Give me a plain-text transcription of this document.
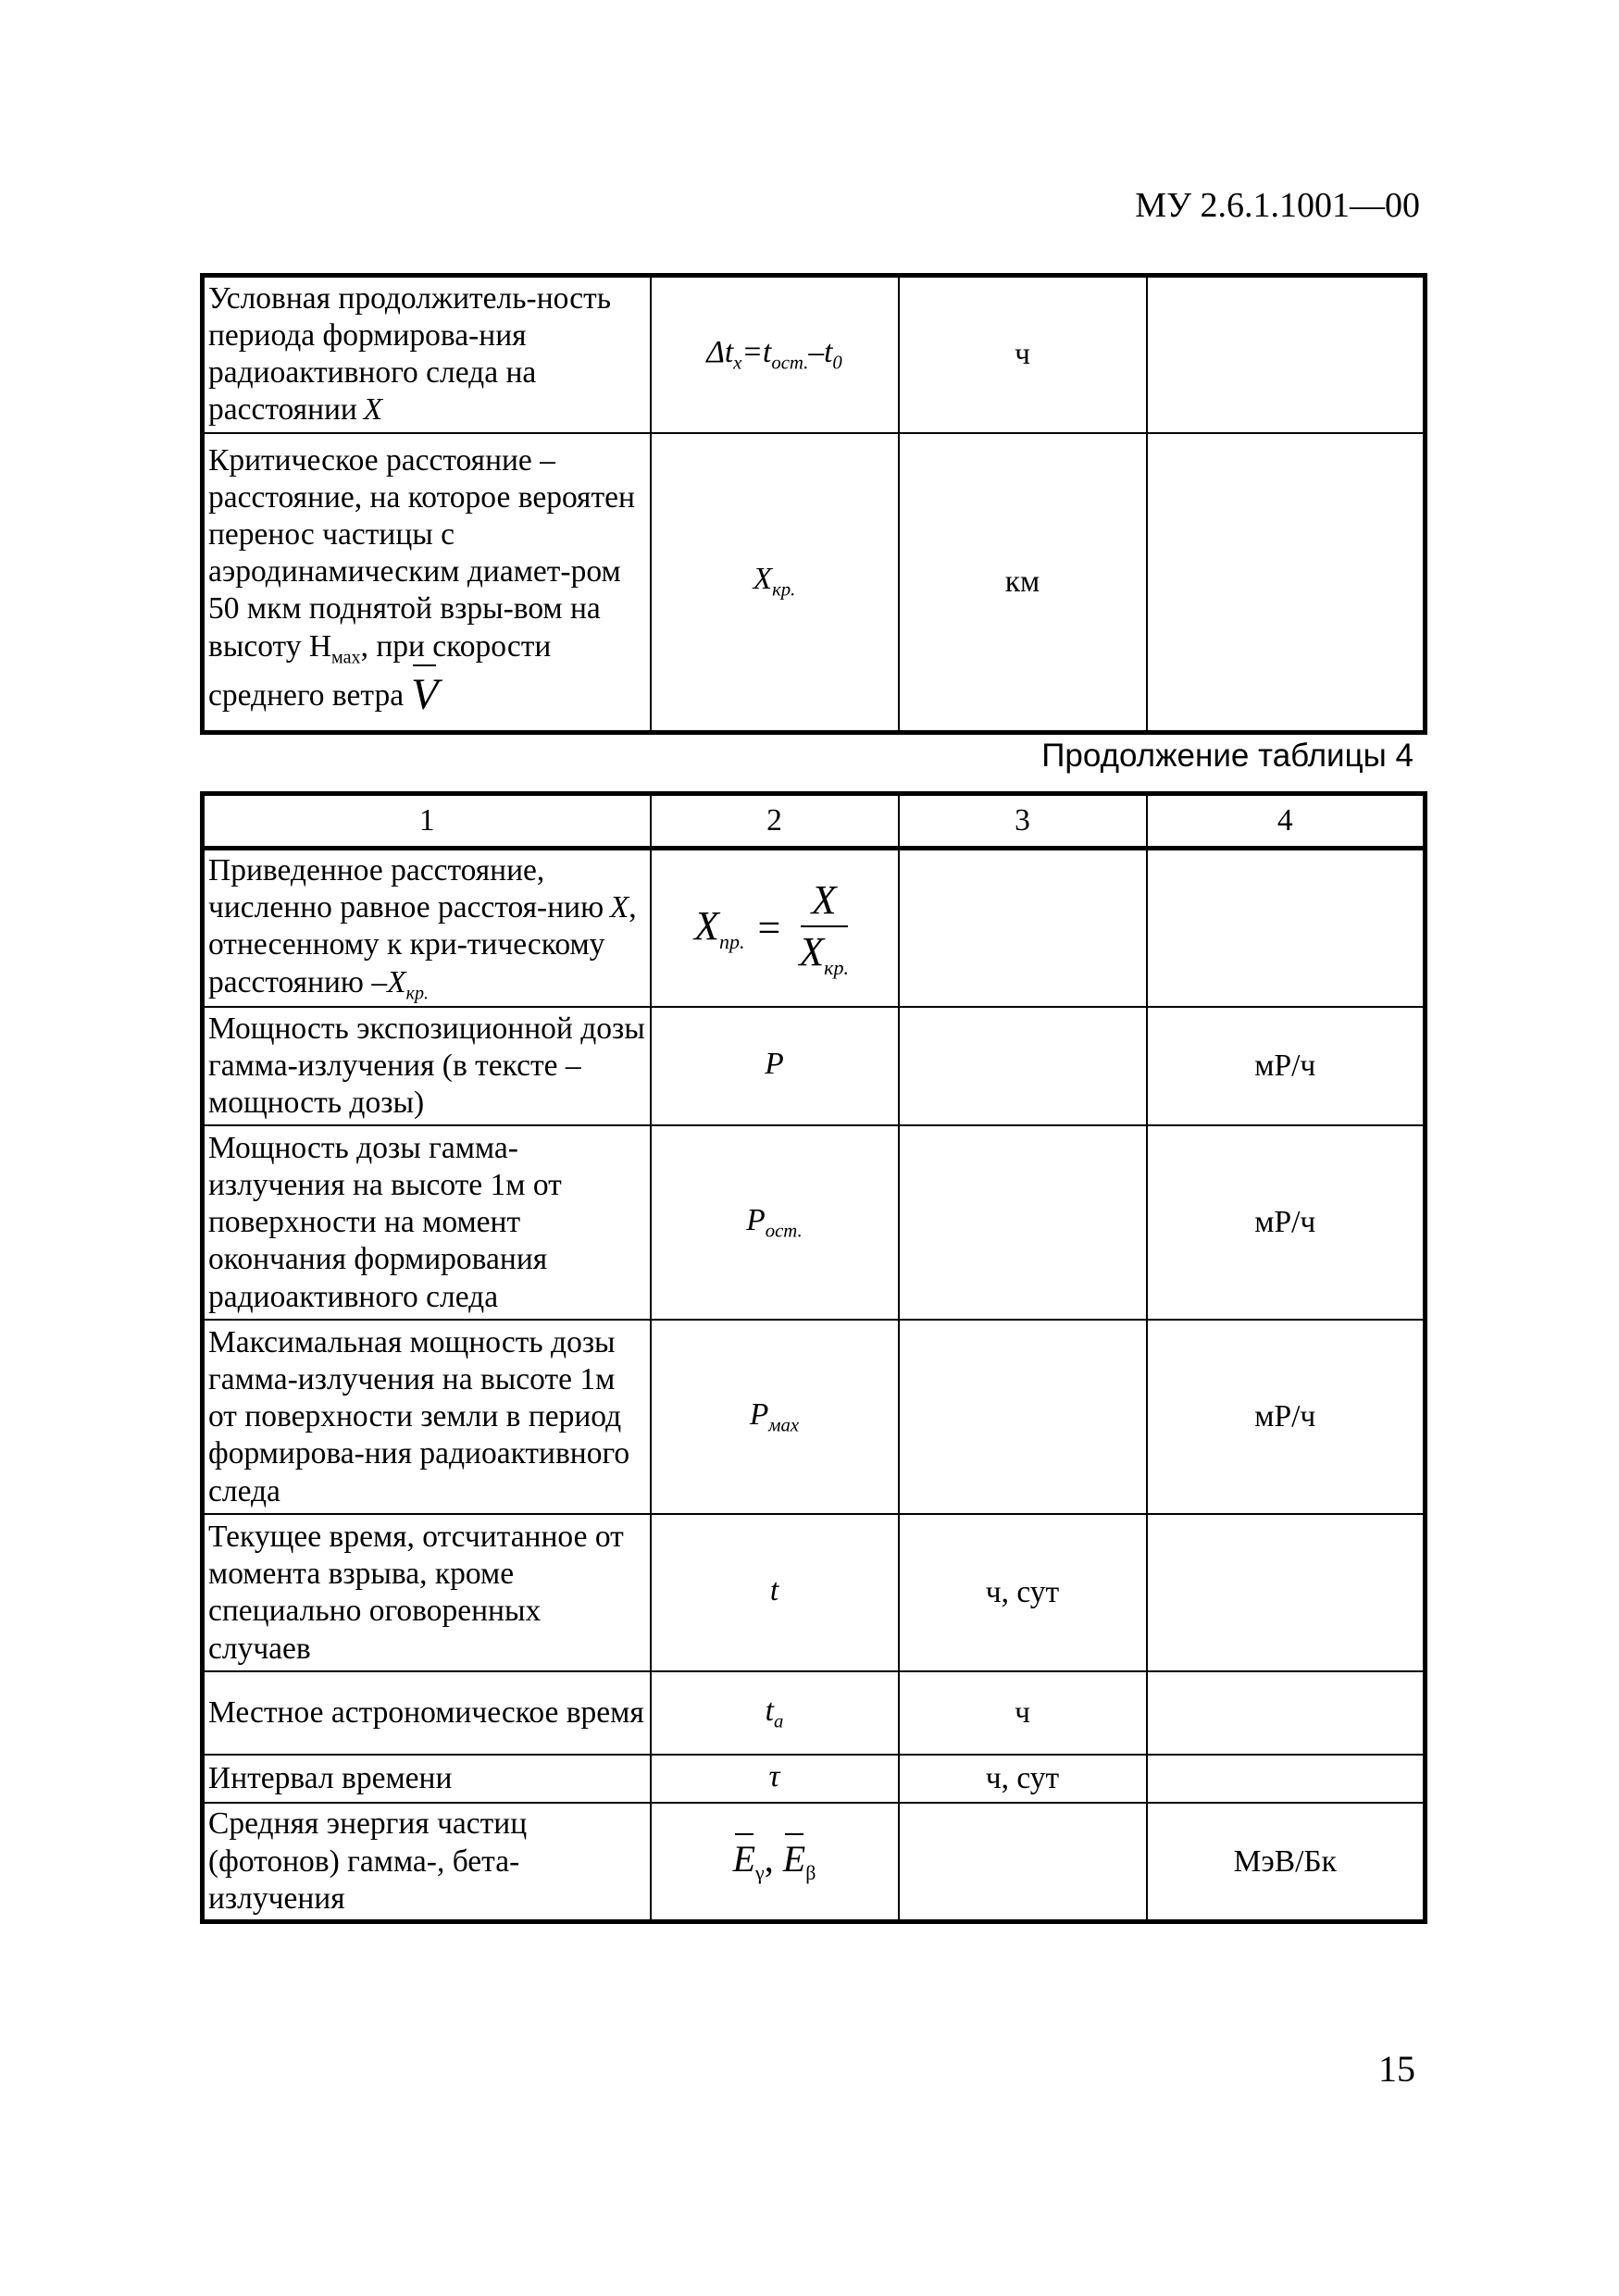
МУ 2.6.1.1001—00
Условная продолжитель-ность периода формирова-ния радиоактивного следа на расстоянии  X	$\Delta t_x=t_{ост.}-t_0$	ч	
Критическое расстояние – расстояние, на которое вероятен перенос частицы с аэродинамическим диамет-ром 50 мкм поднятой взры-вом на высоту $Н_{мах}$, при скорости среднего ветра V	$X_{кр.}$	км	
Продолжение таблицы 4
1	2	3	4
Приведенное расстояние, численно равное расстоя-нию  X, отнесенному к кри-тическому расстоянию $-X_{кр.}$	$X_{пр.} = \frac{X}{X_{кр.}}$

Мощность экспозиционной дозы гамма-излучения (в тексте – мощность дозы)	P		мР/ч
Мощность дозы гамма-излучения на высоте 1м от поверхности на момент окончания формирования радиоактивного следа	$P_{ост.}$		мР/ч
Максимальная мощность дозы гамма-излучения на высоте 1м от поверхности земли в период формирова-ния радиоактивного следа	$P_{мах}$		мР/ч
Текущее время, отсчитанное от момента взрыва, кроме специально оговоренных случаев	t	ч, сут	
Местное астрономическое время	$t_a$	ч	
Интервал времени	τ	ч, сут	
Средняя энергия частиц (фотонов) гамма-, бета-излучения	$E_\gamma$, $E_\beta$		МэВ/Бк
15
